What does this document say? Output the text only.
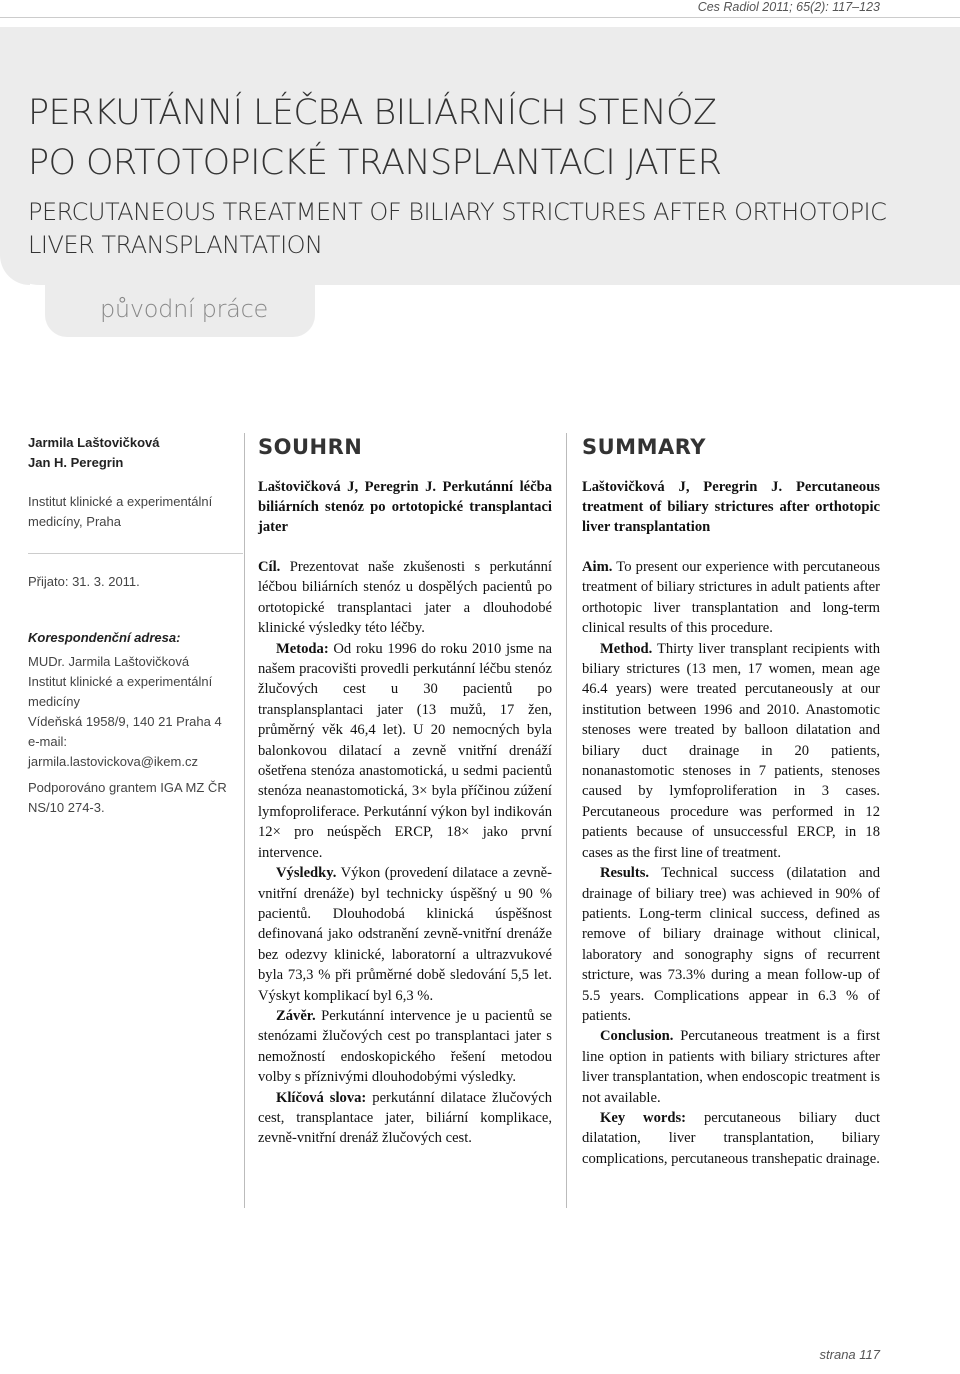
Ces Radiol 2011; 65(2): 117–123
původní práce
PERKUTÁNNÍ LÉČBA BILIÁRNÍCH STENÓZ
PO ORTOTOPICKÉ TRANSPLANTACI JATER
PERCUTANEOUS TREATMENT OF BILIARY STRICTURES AFTER ORTHOTOPIC
LIVER TRANSPLANTATION
Jarmila Laštovičková
Jan H. Peregrin
Institut klinické a experimentální
medicíny, Praha
Přijato: 31. 3. 2011.
Korespondenční adresa:
MUDr. Jarmila Laštovičková
Institut klinické a experimentální
medicíny
Vídeňská 1958/9, 140 21 Praha 4
e-mail: jarmila.lastovickova@ikem.cz
Podporováno grantem IGA MZ ČR
NS/10 274-3.
SOUHRN
Laštovičková J, Peregrin J. Perkutánní léčba biliárních stenóz po ortotopické transplantaci jater

Cíl. Prezentovat naše zkušenosti s perkutánní léčbou biliárních stenóz u dospělých pacientů po ortotopické transplantaci jater a dlouhodobé klinické výsledky této léčby.

Metoda: Od roku 1996 do roku 2010 jsme na našem pracovišti provedli perkutánní léčbu stenóz žlučových cest u 30 pacientů po transplansplantaci jater (13 mužů, 17 žen, průměrný věk 46,4 let). U 20 nemocných byla balonkovou dilatací a zevně vnitřní drenáží ošetřena stenóza anastomotická, u sedmi pacientů stenóza neanastomotická, 3× byla příčinou zúžení lymfoproliferace. Perkutánní výkon byl indikován 12× pro neúspěch ERCP, 18× jako první intervence.

Výsledky. Výkon (provedení dilatace a zevně-vnitřní drenáže) byl technicky úspěšný u 90 % pacientů. Dlouhodobá klinická úspěšnost definovaná jako odstranění zevně-vnitřní drenáže bez odezvy klinické, laboratorní a ultrazvukové byla 73,3 % při průměrné době sledování 5,5 let. Výskyt komplikací byl 6,3 %.

Závěr. Perkutánní intervence je u pacientů se stenózami žlučových cest po transplantaci jater s nemožností endoskopického řešení metodou volby s příznivými dlouhodobými výsledky.

Klíčová slova: perkutánní dilatace žlučových cest, transplantace jater, biliární komplikace, zevně-vnitřní drenáž žlučových cest.

SUMMARY
Laštovičková J, Peregrin J. Percutaneous treatment of biliary strictures after orthotopic liver transplantation

Aim. To present our experience with percutaneous treatment of biliary strictures in adult patients after orthotopic liver transplantation and long-term clinical results of this procedure.

Method. Thirty liver transplant recipients with biliary strictures (13 men, 17 women, mean age 46.4 years) were treated percutaneously at our institution between 1996 and 2010. Anastomotic stenoses were treated by balloon dilatation and biliary duct drainage in 20 patients, nonanastomotic stenoses in 7 patients, stenoses caused by lymfoproliferation in 3 cases. Percutaneous procedure was performed in 12 patients because of unsuccessful ERCP, in 18 cases as the first line of treatment.

Results. Technical success (dilatation and drainage of biliary tree) was achieved in 90% of patients. Long-term clinical success, defined as remove of biliary drainage without clinical, laboratory and sonography signs of recurrent stricture, was 73.3% during a mean follow-up of 5.5 years. Complications appear in 6.3 % of patients.

Conclusion. Percutaneous treatment is a first line option in patients with biliary strictures after liver transplantation, when endoscopic treatment is not available.

Key words: percutaneous biliary duct dilatation, liver transplantation, biliary complications, percutaneous transhepatic drainage.

strana 117
